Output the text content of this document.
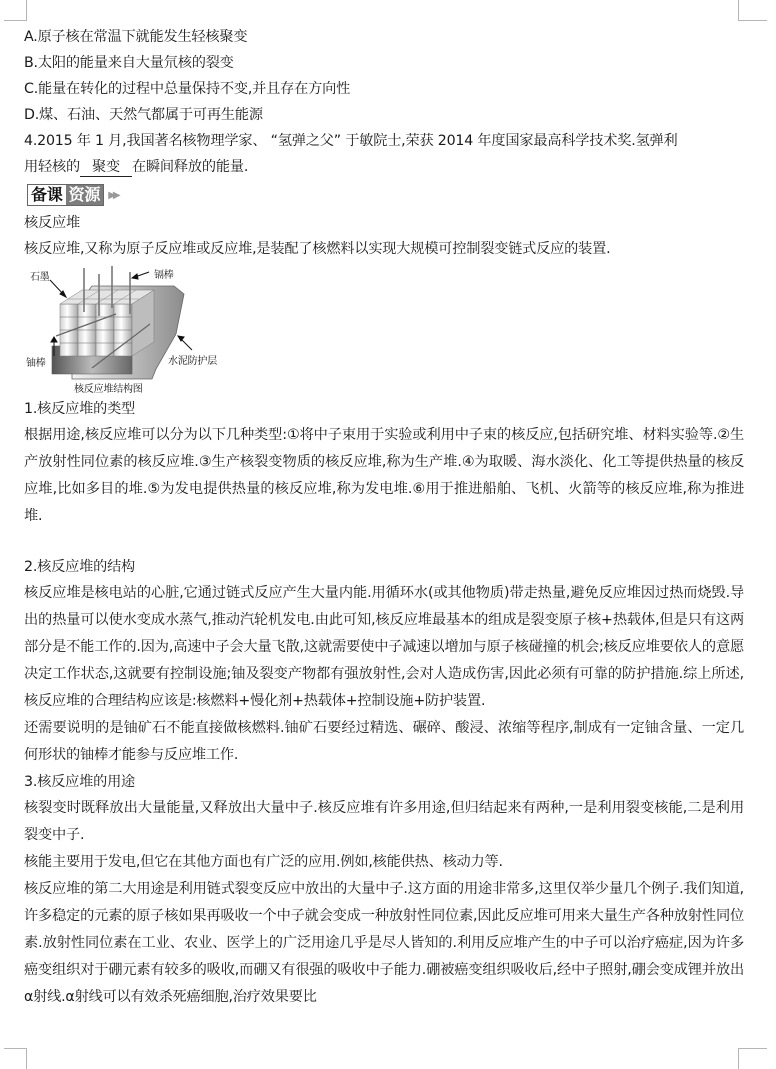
A.原子核在常温下就能发生轻核聚变
B.太阳的能量来自大量氘核的裂变
C.能量在转化的过程中总量保持不变,并且存在方向性
D.煤、石油、天然气都属于可再生能源
4.2015 年 1 月,我国著名核物理学家、 “氢弹之父” 于敏院士,荣获 2014 年度国家最高科学技术奖.氢弹利
用轻核的 聚变 在瞬间释放的能量.
备课 资源 ▶▶
核反应堆
核反应堆,又称为原子反应堆或反应堆,是装配了核燃料以实现大规模可控制裂变链式反应的装置.
石墨	镉棒
铀棒	水泥防护层
核反应堆结构图
1.核反应堆的类型
根据用途,核反应堆可以分为以下几种类型:①将中子束用于实验或利用中子束的核反应,包括研究堆、材料实验等.②生产放射性同位素的核反应堆.③生产核裂变物质的核反应堆,称为生产堆.④为取暖、海水淡化、化工等提供热量的核反应堆,比如多目的堆.⑤为发电提供热量的核反应堆,称为发电堆.⑥用于推进船舶、飞机、火箭等的核反应堆,称为推进堆.
2.核反应堆的结构
核反应堆是核电站的心脏,它通过链式反应产生大量内能.用循环水(或其他物质)带走热量,避免反应堆因过热而烧毁.导出的热量可以使水变成水蒸气,推动汽轮机发电.由此可知,核反应堆最基本的组成是裂变原子核+热载体,但是只有这两部分是不能工作的.因为,高速中子会大量飞散,这就需要使中子减速以增加与原子核碰撞的机会;核反应堆要依人的意愿决定工作状态,这就要有控制设施;铀及裂变产物都有强放射性,会对人造成伤害,因此必须有可靠的防护措施.综上所述,核反应堆的合理结构应该是:核燃料+慢化剂+热载体+控制设施+防护装置.
还需要说明的是铀矿石不能直接做核燃料.铀矿石要经过精选、碾碎、酸浸、浓缩等程序,制成有一定铀含量、一定几何形状的铀棒才能参与反应堆工作.
3.核反应堆的用途
核裂变时既释放出大量能量,又释放出大量中子.核反应堆有许多用途,但归结起来有两种,一是利用裂变核能,二是利用裂变中子.
核能主要用于发电,但它在其他方面也有广泛的应用.例如,核能供热、核动力等.
核反应堆的第二大用途是利用链式裂变反应中放出的大量中子.这方面的用途非常多,这里仅举少量几个例子.我们知道,许多稳定的元素的原子核如果再吸收一个中子就会变成一种放射性同位素,因此反应堆可用来大量生产各种放射性同位素.放射性同位素在工业、农业、医学上的广泛用途几乎是尽人皆知的.利用反应堆产生的中子可以治疗癌症,因为许多癌变组织对于硼元素有较多的吸收,而硼又有很强的吸收中子能力.硼被癌变组织吸收后,经中子照射,硼会变成锂并放出α射线.α射线可以有效杀死癌细胞,治疗效果要比
